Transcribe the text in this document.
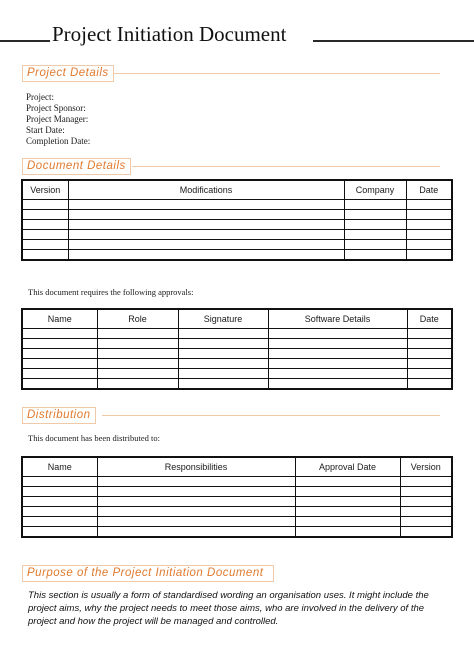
Project Initiation Document
Project Details
Project:
Project Sponsor:
Project Manager:
Start Date:
Completion Date:
Document Details
Version	Modifications	Company	Date

This document requires the following approvals:
Name	Role	Signature	Software Details	Date

Distribution
This document has been distributed to:
Name	Responsibilities	Approval Date	Version

Purpose of the Project Initiation Document
This section is usually a form of standardised wording an organisation uses. It might include the project aims, why the project needs to meet those aims, who are involved in the delivery of the project and how the project will be managed and controlled.
